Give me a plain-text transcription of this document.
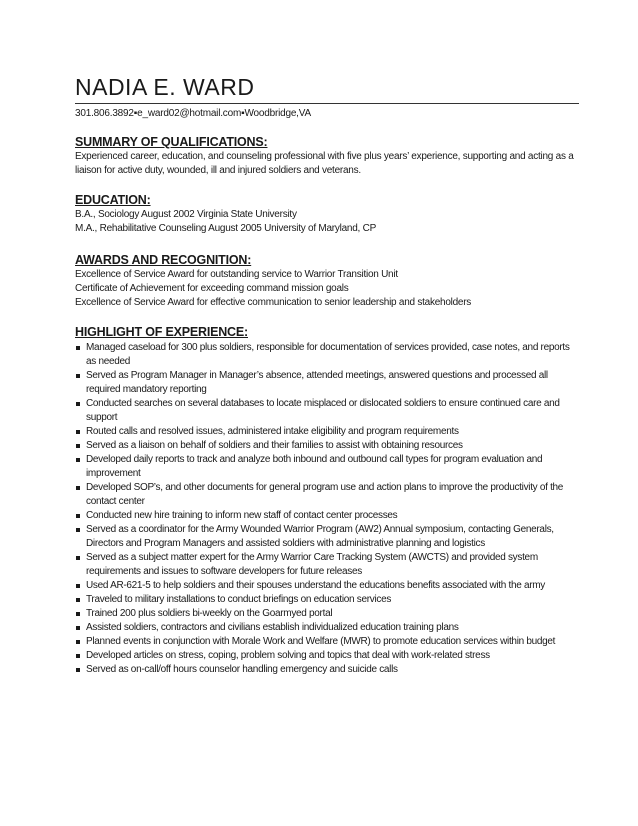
NADIA E. WARD
301.806.3892▪e_ward02@hotmail.com▪Woodbridge,VA
SUMMARY OF QUALIFICATIONS:

Experienced career, education, and counseling professional with five plus years’ experience, supporting and acting as a liaison for active duty, wounded, ill and injured soldiers and veterans.

EDUCATION:
B.A., Sociology August 2002 Virginia State University
M.A., Rehabilitative Counseling August 2005 University of Maryland, CP
AWARDS AND RECOGNITION:
Excellence of Service Award for outstanding service to Warrior Transition Unit
Certificate of Achievement for exceeding command mission goals
Excellence of Service Award for effective communication to senior leadership and stakeholders
HIGHLIGHT OF EXPERIENCE:
Managed caseload for 300 plus soldiers, responsible for documentation of services provided, case notes, and reports as needed
Served as Program Manager in Manager’s absence, attended meetings, answered questions and processed all required mandatory reporting
Conducted searches on several databases to locate misplaced or dislocated soldiers to ensure continued care and support
Routed calls and resolved issues, administered intake eligibility and program requirements
Served as a liaison on behalf of soldiers and their families to assist with obtaining resources
Developed daily reports to track and analyze both inbound and outbound call types for program evaluation and improvement
Developed SOP’s, and other documents for general program use and action plans to improve the productivity of the contact center
Conducted new hire training to inform new staff of contact center processes
Served as a coordinator for the Army Wounded Warrior Program (AW2) Annual symposium, contacting Generals, Directors and Program Managers and assisted soldiers with administrative planning and logistics
Served as a subject matter expert for the Army Warrior Care Tracking System (AWCTS) and provided system requirements and issues to software developers for future releases
Used AR-621-5 to help soldiers and their spouses understand the educations benefits associated with the army
Traveled to military installations to conduct briefings on education services
Trained 200 plus soldiers bi-weekly on the Goarmyed portal
Assisted soldiers, contractors and civilians establish individualized education training plans
Planned events in conjunction with Morale Work and Welfare (MWR) to promote education services within budget
Developed articles on stress, coping, problem solving and topics that deal with work-related stress
Served as on-call/off hours counselor handling emergency and suicide calls
